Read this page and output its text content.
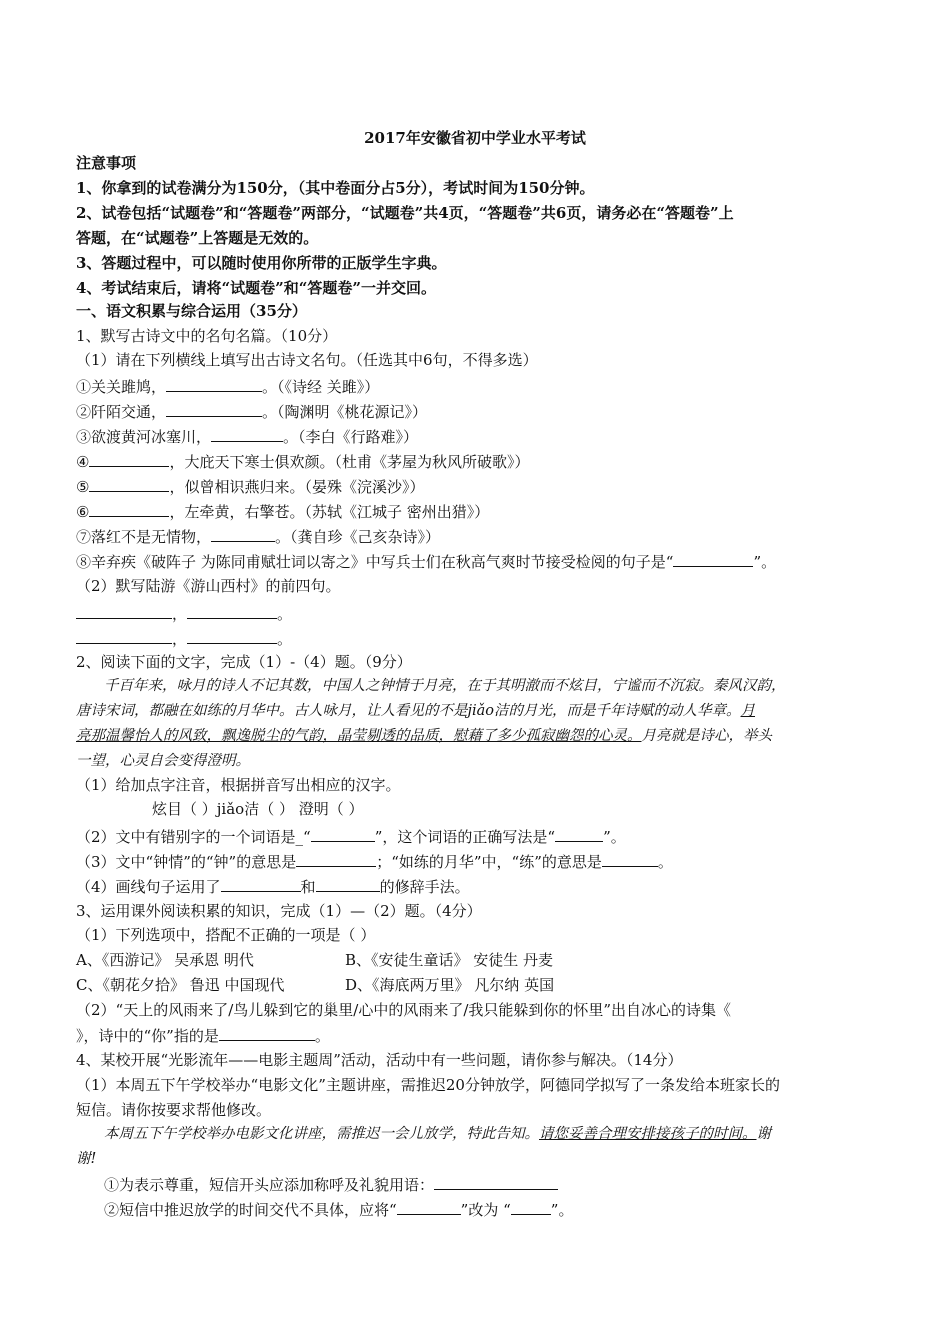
2017年安徽省初中学业水平考试
注意事项
1、你拿到的试卷满分为150分，（其中卷面分占5分），考试时间为150分钟。
2、试卷包括“试题卷”和“答题卷”两部分，“试题卷”共4页，“答题卷”共6页，请务必在“答题卷”上
答题，在“试题卷”上答题是无效的。
3、答题过程中，可以随时使用你所带的正版学生字典。
4、考试结束后，请将“试题卷”和“答题卷”一并交回。
一、语文积累与综合运用（35分）
1、默写古诗文中的名句名篇。（10分）
（1）请在下列横线上填写出古诗文名句。（任选其中6句，不得多选）
①关关雎鸠，	。（《诗经 关雎》）
②阡陌交通，	。（陶渊明《桃花源记》）
③欲渡黄河冰塞川，	。（李白《行路难》）
④	，大庇天下寒士俱欢颜。（杜甫《茅屋为秋风所破歌》）
⑤	，似曾相识燕归来。（晏殊《浣溪沙》）
⑥	，左牵黄，右擎苍。（苏轼《江城子 密州出猎》）
⑦落红不是无情物，	。（龚自珍《己亥杂诗》）
⑧辛弃疾《破阵子 为陈同甫赋壮词以寄之》中写兵士们在秋高气爽时节接受检阅的句子是“	”。
（2）默写陆游《游山西村》的前四句。
，	。
，	。
2、阅读下面的文字，完成（1）-（4）题。（9分）
千百年来，咏月的诗人不记其数，中国人之钟情于月亮，在于其明澈而不炫目，宁谧而不沉寂。秦风汉韵，
唐诗宋词，都融在如练的月华中。古人咏月，让人看见的不是jiǎo洁的月光，而是千年诗赋的动人华章。月
亮那温馨怡人的风致，飘逸脱尘的气韵，晶莹剔透的品质，慰藉了多少孤寂幽怨的心灵。月亮就是诗心，举头
一望，心灵自会变得澄明。
（1）给加点字注音，根据拼音写出相应的汉字。
炫目（ ）jiǎo洁（ ） 澄明（ ）
（2）文中有错别字的一个词语是_“	”，这个词语的正确写法是“	”。
（3）文中“钟情”的“钟”的意思是	；“如练的月华”中，“练”的意思是	。
（4）画线句子运用了	和	的修辞手法。
3、运用课外阅读积累的知识，完成（1）—（2）题。（4分）
（1）下列选项中，搭配不正确的一项是（ ）
A、《西游记》 吴承恩 明代	B、《安徒生童话》 安徒生 丹麦
C、《朝花夕拾》 鲁迅 中国现代	D、《海底两万里》 凡尔纳 英国
（2）“天上的风雨来了/鸟儿躲到它的巢里/心中的风雨来了/我只能躲到你的怀里”出自冰心的诗集《
》，诗中的“你”指的是	。
4、某校开展“光影流年——电影主题周”活动，活动中有一些问题，请你参与解决。（14分）
（1）本周五下午学校举办“电影文化”主题讲座，需推迟20分钟放学，阿德同学拟写了一条发给本班家长的
短信。请你按要求帮他修改。
本周五下午学校举办电影文化讲座，需推迟一会儿放学，特此告知。请您妥善合理安排接孩子的时间。谢
谢!
①为表示尊重，短信开头应添加称呼及礼貌用语：
②短信中推迟放学的时间交代不具体，应将“	”改为 “	”。
